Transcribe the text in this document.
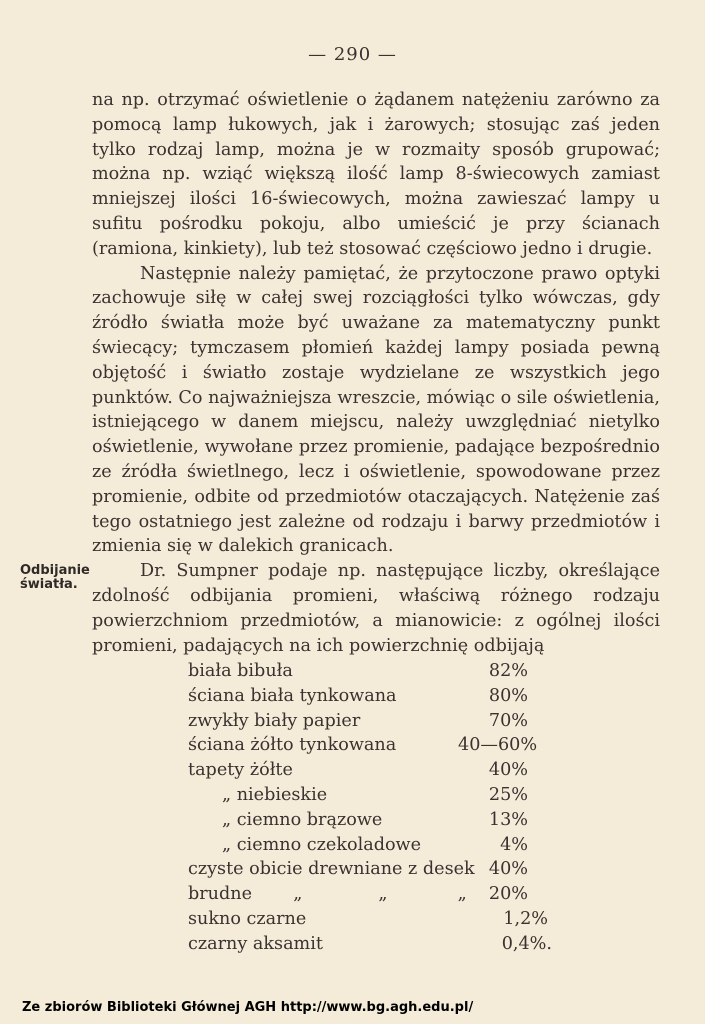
— 290 —
Odbijanie
światła.

na np. otrzymać oświetlenie o żądanem natężeniu zarówno za pomocą lamp łukowych, jak i żarowych; stosując zaś jeden tylko rodzaj lamp, można je w rozmaity sposób grupować; można np. wziąć większą ilość lamp 8-świecowych zamiast mniejszej ilości 16-świecowych, można zawieszać lampy u sufitu pośrodku pokoju, albo umieścić je przy ścianach (ramiona, kinkiety), lub też stosować częściowo jedno i drugie.

Następnie należy pamiętać, że przytoczone prawo optyki zachowuje siłę w całej swej rozciągłości tylko wówczas, gdy źródło światła może być uważane za matematyczny punkt świecący; tymczasem płomień każdej lampy posiada pewną objętość i światło zostaje wydzielane ze wszystkich jego punktów. Co najważniejsza wreszcie, mówiąc o sile oświetlenia, istniejącego w danem miejscu, należy uwzględniać nietylko oświetlenie, wywołane przez promienie, padające bezpośrednio ze źródła świetlnego, lecz i oświetlenie, spowodowane przez promienie, odbite od przedmiotów otaczających. Natężenie zaś tego ostatniego jest zależne od rodzaju i barwy przedmiotów i zmienia się w dalekich granicach.

Dr. Sumpner podaje np. następujące liczby, określające zdolność odbijania promieni, właściwą różnego rodzaju powierzchniom przedmiotów, a mianowicie: z ogólnej ilości promieni, padających na ich powierzchnię odbijają

biała bibuła	82%
ściana biała tynkowana	80%
zwykły biały papier	70%
ściana żółto tynkowana	40—60%
tapety żółte	40%
„ niebieskie	25%
„ ciemno brązowe	13%
„ ciemno czekoladowe	4%
czyste obicie drewniane z desek 40%
brudne „	„	„	20%
sukno czarne	1,2%
czarny aksamit	0,4%.
Ze zbiorów Biblioteki Głównej AGH http://www.bg.agh.edu.pl/
